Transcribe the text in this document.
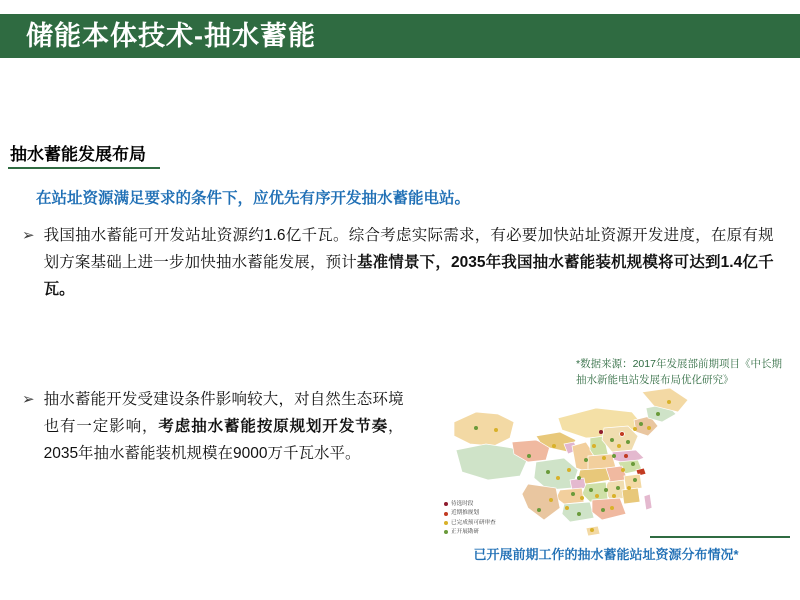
储能本体技术-抽水蓄能
抽水蓄能发展布局
在站址资源满足要求的条件下，应优先有序开发抽水蓄能电站。
➢ 我国抽水蓄能可开发站址资源约1.6亿千瓦。综合考虑实际需求，有必要加快站址资源开发进度，在原有规划方案基础上进一步加快抽水蓄能发展，预计基准情景下，2035年我国抽水蓄能装机规模将可达到1.4亿千瓦。
➢ 抽水蓄能开发受建设条件影响较大，对自然生态环境也有一定影响，考虑抽水蓄能按原规划开发节奏，2035年抽水蓄能装机规模在9000万千瓦水平。
*数据来源：2017年发展部前期项目《中长期抽水新能电站发展布局优化研究》
待选时段
近期推规划
已完成预可研审查
正开展勘研
已开展前期工作的抽水蓄能站址资源分布情况*
